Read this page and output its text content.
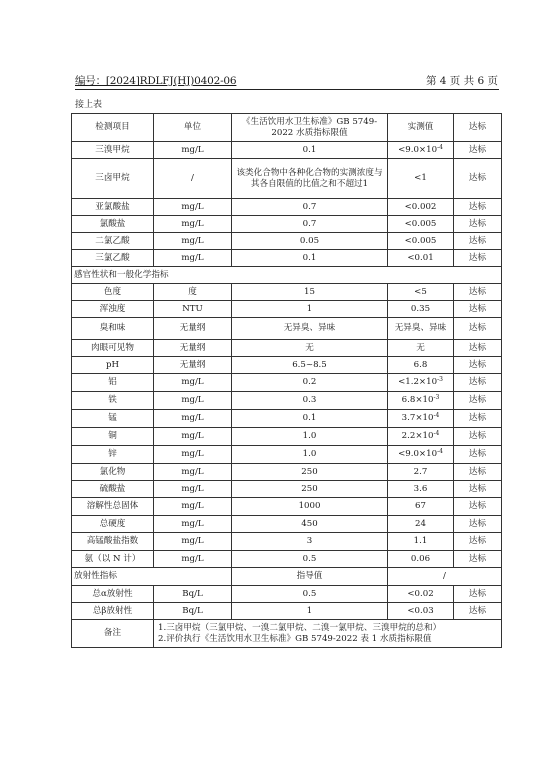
编号：[2024]RDLFJ(HJ)0402-06	第 4 页 共 6 页
接上表
检测项目	单位	《生活饮用水卫生标准》GB 5749-2022 水质指标限值	实测值	达标
三溴甲烷	mg/L	0.1	$<9.0\times 10^{-4}$	达标
三卤甲烷	/	该类化合物中各种化合物的实测浓度与其各自限值的比值之和不超过1	<1	达标
亚氯酸盐	mg/L	0.7	<0.002	达标
氯酸盐	mg/L	0.7	<0.005	达标
二氯乙酸	mg/L	0.05	<0.005	达标
三氯乙酸	mg/L	0.1	<0.01	达标
感官性状和一般化学指标				
色度	度	15	<5	达标
浑浊度	NTU	1	0.35	达标
臭和味	无量纲	无异臭、异味	无异臭、异味	达标
肉眼可见物	无量纲	无	无	达标
pH	无量纲	6.5~8.5	6.8	达标
铝	mg/L	0.2	$<1.2\times 10^{-3}$	达标
铁	mg/L	0.3	$6.8\times 10^{-3}$	达标
锰	mg/L	0.1	$3.7\times 10^{-4}$	达标
铜	mg/L	1.0	$2.2\times 10^{-4}$	达标
锌	mg/L	1.0	$<9.0\times 10^{-4}$	达标
氯化物	mg/L	250	2.7	达标
硫酸盐	mg/L	250	3.6	达标
溶解性总固体	mg/L	1000	67	达标
总硬度	mg/L	450	24	达标
高锰酸盐指数	mg/L	3	1.1	达标
氨（以 N 计）	mg/L	0.5	0.06	达标
放射性指标		指导值	/	
总α放射性	Bq/L	0.5	<0.02	达标
总β放射性	Bq/L	1	<0.03	达标
备注	1.三卤甲烷（三氯甲烷、一溴二氯甲烷、二溴一氯甲烷、三溴甲烷的总和）
2.评价执行《生活饮用水卫生标准》GB 5749-2022 表 1 水质指标限值			
